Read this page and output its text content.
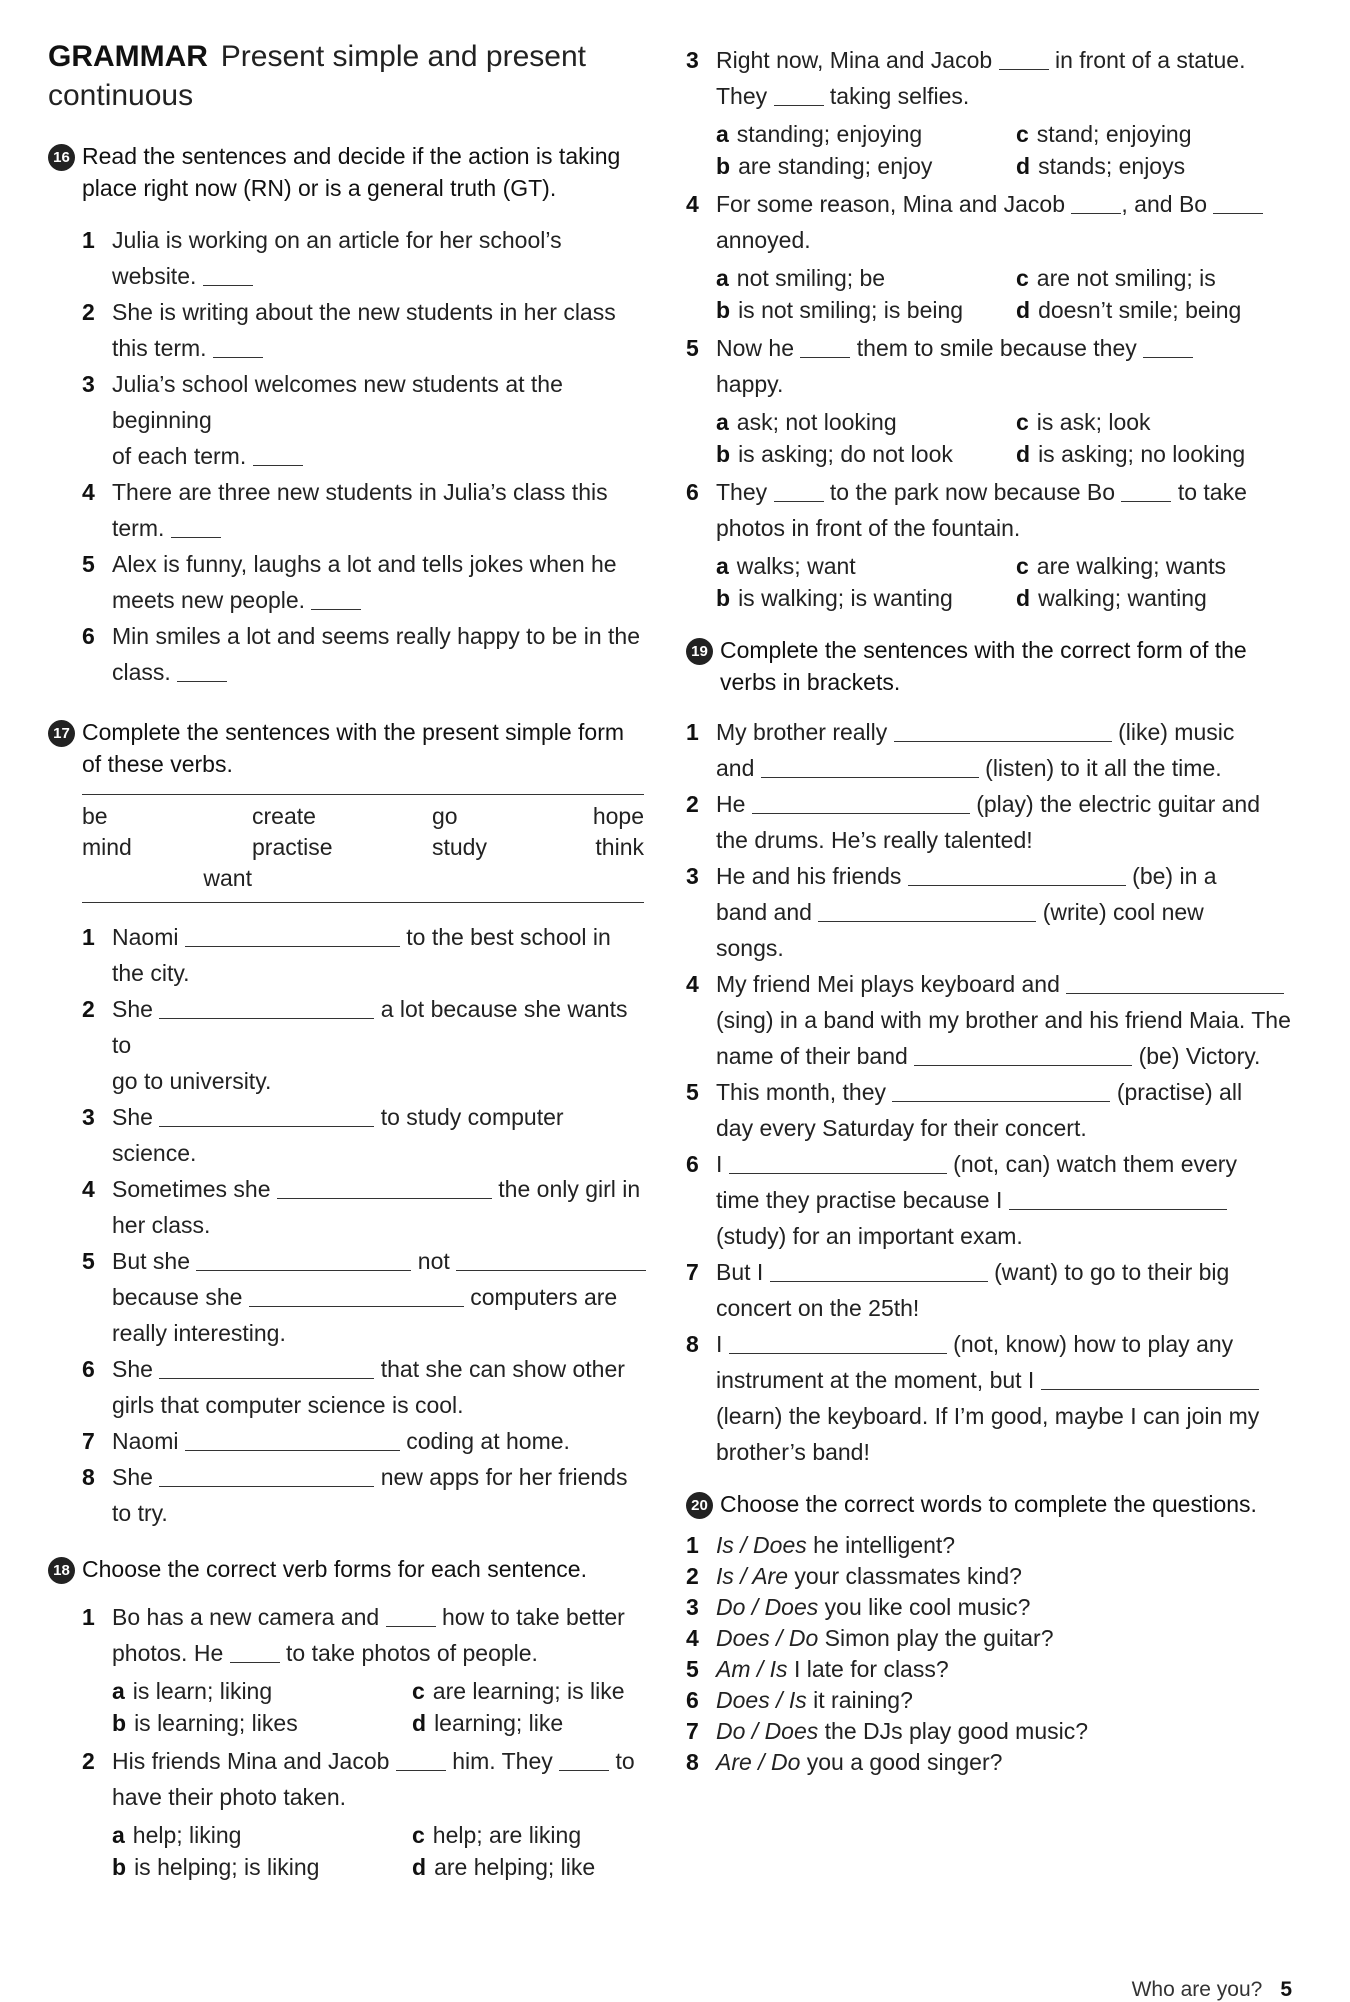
GRAMMAR Present simple and present
continuous
16 Read the sentences and decide if the action is taking
place right now (RN) or is a general truth (GT).
1 Julia is working on an article for her school’s
website.
2 She is writing about the new students in her class
this term.
3 Julia’s school welcomes new students at the beginning
of each term.
4 There are three new students in Julia’s class this
term.
5 Alex is funny, laughs a lot and tells jokes when he
meets new people.
6 Min smiles a lot and seems really happy to be in the
class.
17 Complete the sentences with the present simple form
of these verbs.
be	create	go	hope
mind	practise	study	think
want
1 Naomi	to the best school in
the city.
2 She	a lot because she wants to
go to university.
3 She	to study computer science.
4 Sometimes she	the only girl in
her class.
5 But she	not
because she	computers are
really interesting.
6 She	that she can show other
girls that computer science is cool.
7 Naomi	coding at home.
8 She	new apps for her friends
to try.
18 Choose the correct verb forms for each sentence.
1 Bo has a new camera and	how to take better
photos. He	to take photos of people.
a is learn; liking	c are learning; is like
b is learning; likes	d learning; like
2 His friends Mina and Jacob	him. They	to
have their photo taken.
a help; liking	c help; are liking
b is helping; is liking	d are helping; like
3 Right now, Mina and Jacob	in front of a statue.
They	taking selfies.
a standing; enjoying	c stand; enjoying
b are standing; enjoy	d stands; enjoys
4 For some reason, Mina and Jacob , and Bo
annoyed.
a not smiling; be	c are not smiling; is
b is not smiling; is being	d doesn’t smile; being
5 Now he	them to smile because they
happy.
a ask; not looking	c is ask; look
b is asking; do not look	d is asking; no looking
6 They	to the park now because Bo	to take
photos in front of the fountain.
a walks; want	c are walking; wants
b is walking; is wanting	d walking; wanting
19 Complete the sentences with the correct form of the
verbs in brackets.
1 My brother really	(like) music
and	(listen) to it all the time.
2 He	(play) the electric guitar and
the drums. He’s really talented!
3 He and his friends	(be) in a
band and	(write) cool new
songs.
4 My friend Mei plays keyboard and
(sing) in a band with my brother and his friend Maia. The
name of their band	(be) Victory.
5 This month, they	(practise) all
day every Saturday for their concert.
6 I	(not, can) watch them every
time they practise because I
(study) for an important exam.
7 But I	(want) to go to their big
concert on the 25th!
8 I	(not, know) how to play any
instrument at the moment, but I
(learn) the keyboard. If I’m good, maybe I can join my
brother’s band!
20 Choose the correct words to complete the questions.
1 Is / Does he intelligent?
2 Is / Are your classmates kind?
3 Do / Does you like cool music?
4 Does / Do Simon play the guitar?
5 Am / Is I late for class?
6 Does / Is it raining?
7 Do / Does the DJs play good music?
8 Are / Do you a good singer?
Who are you? 5
